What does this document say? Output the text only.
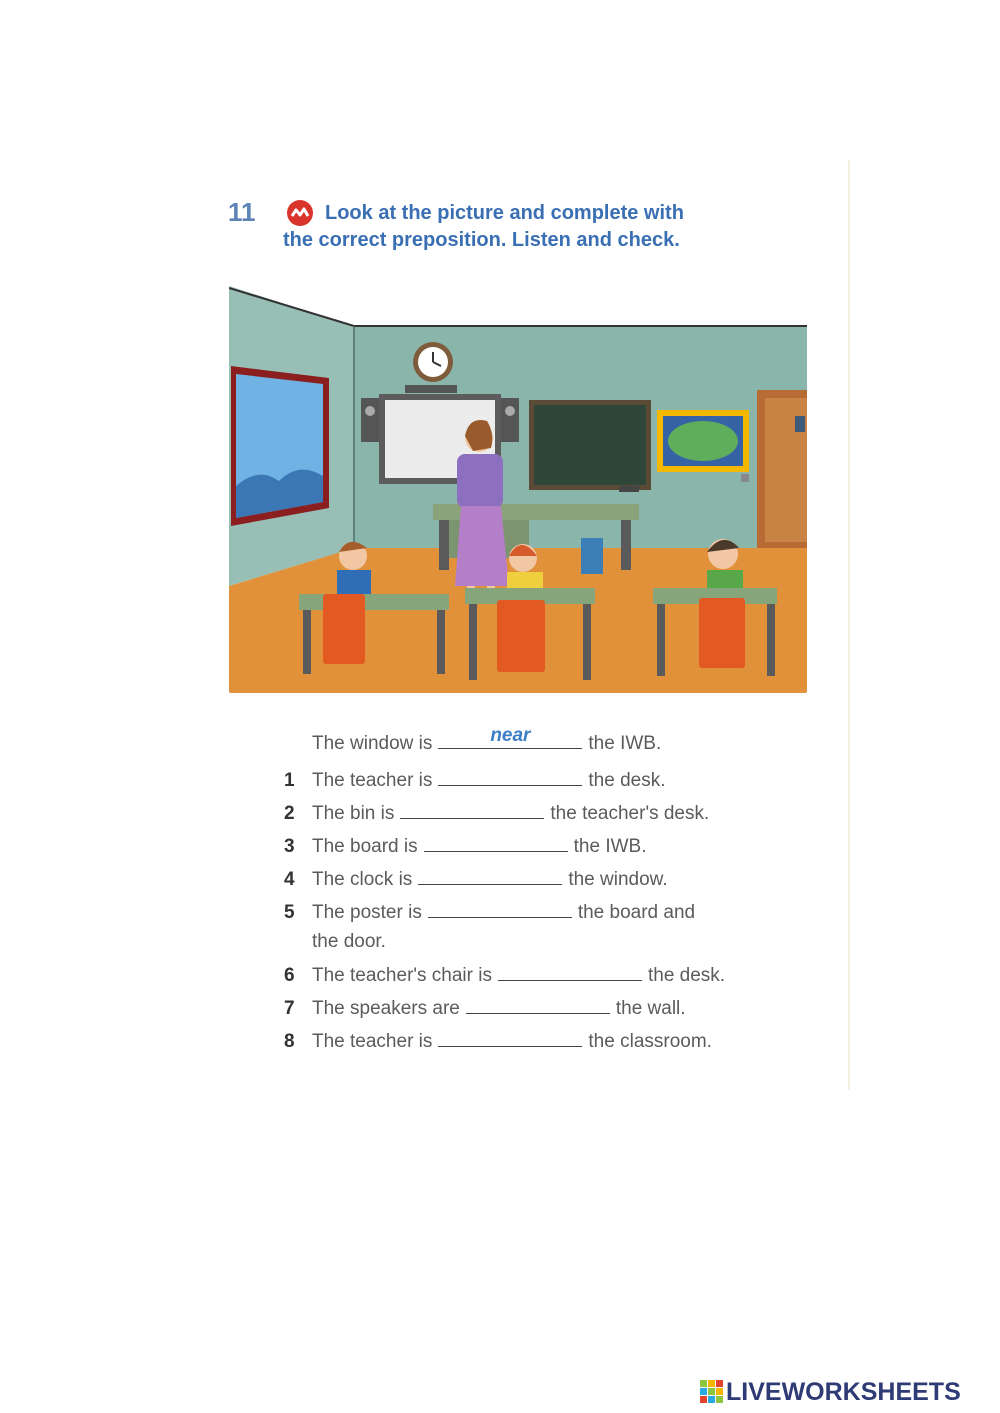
11	Look at the picture and complete with
the correct preposition. Listen and check.
The window is	near	the IWB.
1 The teacher is	the desk.
2 The bin is	the teacher's desk.
3 The board is	the IWB.
4 The clock is	the window.
5 The poster is	the board and
the door.
6 The teacher's chair is	the desk.
7 The speakers are	the wall.
8 The teacher is	the classroom.
LIVEWORKSHEETS
